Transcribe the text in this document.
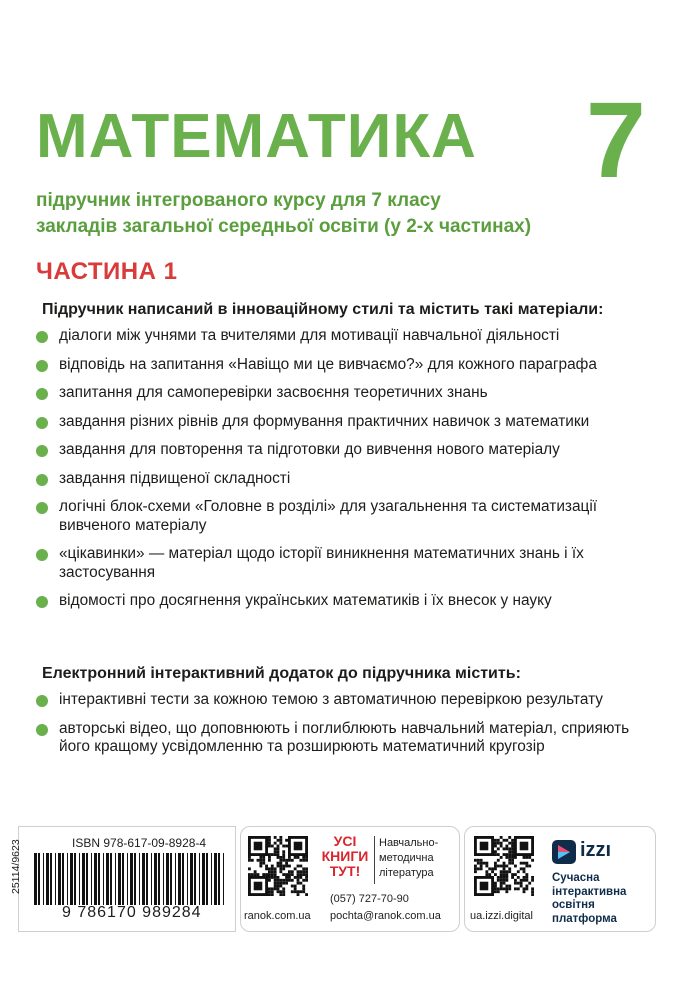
МАТЕМАТИКА 7
підручник інтегрованого курсу для 7 класу
закладів загальної середньої освіти (у 2-х частинах)
ЧАСТИНА 1
Підручник написаний в інноваційному стилі та містить такі матеріали:
діалоги між учнями та вчителями для мотивації навчальної діяльності
відповідь на запитання «Навіщо ми це вивчаємо?» для кожного параграфа
запитання для самоперевірки засвоєння теоретичних знань
завдання різних рівнів для формування практичних навичок з математики
завдання для повторення та підготовки до вивчення нового матеріалу
завдання підвищеної складності
логічні блок-схеми «Головне в розділі» для узагальнення та систематизації вивченого матеріалу
«цікавинки» — матеріал щодо історії виникнення математичних знань і їх застосування
відомості про досягнення українських математиків і їх внесок у науку
Електронний інтерактивний додаток до підручника містить:
інтерактивні тести за кожною темою з автоматичною перевіркою результату
авторські відео, що доповнюють і поглиблюють навчальний матеріал, сприяють його кращому усвідомленню та розширюють математичний кругозір
25114/9623	ISBN 978-617-09-8928-4
9 786170 989284
УСІ
КНИГИ
ТУТ!
Навчально-
методична
література
(057) 727-70-90
ranok.com.ua pochta@ranok.com.ua	ua.izzi.digital
izzı
Сучасна
інтерактивна
освітня
платформа
